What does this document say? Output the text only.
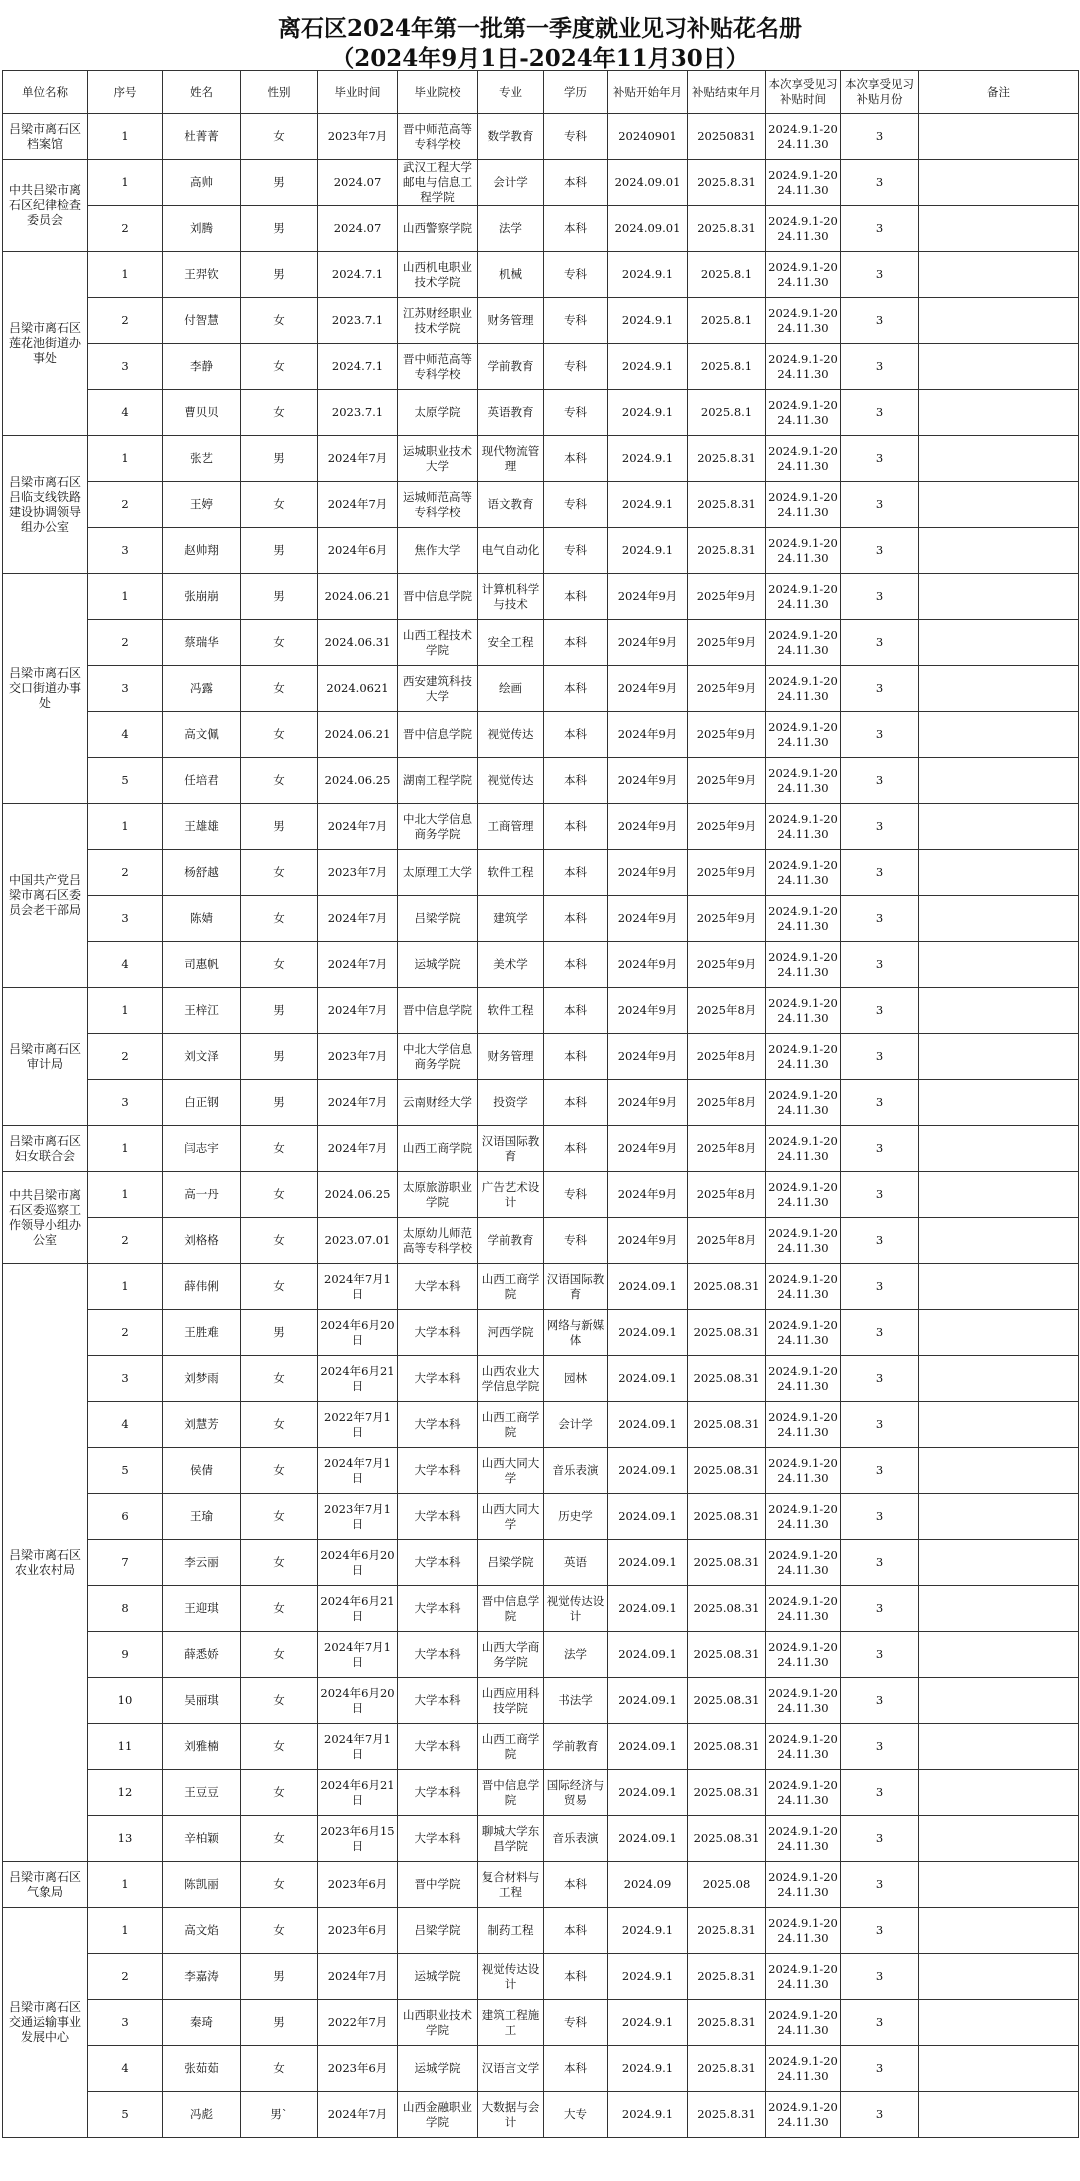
离石区2024年第一批第一季度就业见习补贴花名册
（2024年9月1日-2024年11月30日）
单位名称	序号	姓名	性别	毕业时间	毕业院校	专业	学历	补贴开始年月	补贴结束年月	本次享受见习补贴时间	本次享受见习补贴月份	备注
吕梁市离石区档案馆	1	杜菁菁	女	2023年7月	晋中师范高等专科学校	数学教育	专科	20240901	20250831	2024.9.1-2024.11.30	3	
中共吕梁市离石区纪律检查委员会	1	高帅	男	2024.07	武汉工程大学邮电与信息工程学院	会计学	本科	2024.09.01	2025.8.31	2024.9.1-2024.11.30	3	
	2	刘腾	男	2024.07	山西警察学院	法学	本科	2024.09.01	2025.8.31	2024.9.1-2024.11.30	3	
吕梁市离石区莲花池街道办事处	1	王羿钦	男	2024.7.1	山西机电职业技术学院	机械	专科	2024.9.1	2025.8.1	2024.9.1-2024.11.30	3	
	2	付智慧	女	2023.7.1	江苏财经职业技术学院	财务管理	专科	2024.9.1	2025.8.1	2024.9.1-2024.11.30	3	
	3	李静	女	2024.7.1	晋中师范高等专科学校	学前教育	专科	2024.9.1	2025.8.1	2024.9.1-2024.11.30	3	
	4	曹贝贝	女	2023.7.1	太原学院	英语教育	专科	2024.9.1	2025.8.1	2024.9.1-2024.11.30	3	
吕梁市离石区吕临支线铁路建设协调领导组办公室	1	张艺	男	2024年7月	运城职业技术大学	现代物流管理	本科	2024.9.1	2025.8.31	2024.9.1-2024.11.30	3	
	2	王婷	女	2024年7月	运城师范高等专科学校	语文教育	专科	2024.9.1	2025.8.31	2024.9.1-2024.11.30	3	
	3	赵帅翔	男	2024年6月	焦作大学	电气自动化	专科	2024.9.1	2025.8.31	2024.9.1-2024.11.30	3	
吕梁市离石区交口街道办事处	1	张崩崩	男	2024.06.21	晋中信息学院	计算机科学与技术	本科	2024年9月	2025年9月	2024.9.1-2024.11.30	3	
	2	蔡瑞华	女	2024.06.31	山西工程技术学院	安全工程	本科	2024年9月	2025年9月	2024.9.1-2024.11.30	3	
	3	冯露	女	2024.0621	西安建筑科技大学	绘画	本科	2024年9月	2025年9月	2024.9.1-2024.11.30	3	
	4	高文佩	女	2024.06.21	晋中信息学院	视觉传达	本科	2024年9月	2025年9月	2024.9.1-2024.11.30	3	
	5	任培君	女	2024.06.25	湖南工程学院	视觉传达	本科	2024年9月	2025年9月	2024.9.1-2024.11.30	3	
中国共产党吕梁市离石区委员会老干部局	1	王雄雄	男	2024年7月	中北大学信息商务学院	工商管理	本科	2024年9月	2025年9月	2024.9.1-2024.11.30	3	
	2	杨舒越	女	2023年7月	太原理工大学	软件工程	本科	2024年9月	2025年9月	2024.9.1-2024.11.30	3	
	3	陈婧	女	2024年7月	吕梁学院	建筑学	本科	2024年9月	2025年9月	2024.9.1-2024.11.30	3	
	4	司惠帆	女	2024年7月	运城学院	美术学	本科	2024年9月	2025年9月	2024.9.1-2024.11.30	3	
吕梁市离石区审计局	1	王梓江	男	2024年7月	晋中信息学院	软件工程	本科	2024年9月	2025年8月	2024.9.1-2024.11.30	3	
	2	刘文泽	男	2023年7月	中北大学信息商务学院	财务管理	本科	2024年9月	2025年8月	2024.9.1-2024.11.30	3	
	3	白正钢	男	2024年7月	云南财经大学	投资学	本科	2024年9月	2025年8月	2024.9.1-2024.11.30	3	
吕梁市离石区妇女联合会	1	闫志宇	女	2024年7月	山西工商学院	汉语国际教育	本科	2024年9月	2025年8月	2024.9.1-2024.11.30	3	
中共吕梁市离石区委巡察工作领导小组办公室	1	高一丹	女	2024.06.25	太原旅游职业学院	广告艺术设计	专科	2024年9月	2025年8月	2024.9.1-2024.11.30	3	
	2	刘格格	女	2023.07.01	太原幼儿师范高等专科学校	学前教育	专科	2024年9月	2025年8月	2024.9.1-2024.11.30	3	
吕梁市离石区农业农村局	1	薛伟俐	女	2024年7月1日	大学本科	山西工商学院	汉语国际教育	2024.09.1	2025.08.31	2024.9.1-2024.11.30	3	
	2	王胜难	男	2024年6月20日	大学本科	河西学院	网络与新媒体	2024.09.1	2025.08.31	2024.9.1-2024.11.30	3	
	3	刘梦雨	女	2024年6月21日	大学本科	山西农业大学信息学院	园林	2024.09.1	2025.08.31	2024.9.1-2024.11.30	3	
	4	刘慧芳	女	2022年7月1日	大学本科	山西工商学院	会计学	2024.09.1	2025.08.31	2024.9.1-2024.11.30	3	
	5	侯倩	女	2024年7月1日	大学本科	山西大同大学	音乐表演	2024.09.1	2025.08.31	2024.9.1-2024.11.30	3	
	6	王瑜	女	2023年7月1日	大学本科	山西大同大学	历史学	2024.09.1	2025.08.31	2024.9.1-2024.11.30	3	
	7	李云丽	女	2024年6月20日	大学本科	吕梁学院	英语	2024.09.1	2025.08.31	2024.9.1-2024.11.30	3	
	8	王迎琪	女	2024年6月21日	大学本科	晋中信息学院	视觉传达设计	2024.09.1	2025.08.31	2024.9.1-2024.11.30	3	
	9	薛悉娇	女	2024年7月1日	大学本科	山西大学商务学院	法学	2024.09.1	2025.08.31	2024.9.1-2024.11.30	3	
	10	吴丽琪	女	2024年6月20日	大学本科	山西应用科技学院	书法学	2024.09.1	2025.08.31	2024.9.1-2024.11.30	3	
	11	刘雅楠	女	2024年7月1日	大学本科	山西工商学院	学前教育	2024.09.1	2025.08.31	2024.9.1-2024.11.30	3	
	12	王豆豆	女	2024年6月21日	大学本科	晋中信息学院	国际经济与贸易	2024.09.1	2025.08.31	2024.9.1-2024.11.30	3	
	13	辛柏颖	女	2023年6月15日	大学本科	聊城大学东昌学院	音乐表演	2024.09.1	2025.08.31	2024.9.1-2024.11.30	3	
吕梁市离石区气象局	1	陈凯丽	女	2023年6月	晋中学院	复合材料与工程	本科	2024.09	2025.08	2024.9.1-2024.11.30	3	
吕梁市离石区交通运输事业发展中心	1	高文焰	女	2023年6月	吕梁学院	制药工程	本科	2024.9.1	2025.8.31	2024.9.1-2024.11.30	3	
	2	李嘉涛	男	2024年7月	运城学院	视觉传达设计	本科	2024.9.1	2025.8.31	2024.9.1-2024.11.30	3	
	3	秦琦	男	2022年7月	山西职业技术学院	建筑工程施工	专科	2024.9.1	2025.8.31	2024.9.1-2024.11.30	3	
	4	张茹茹	女	2023年6月	运城学院	汉语言文学	本科	2024.9.1	2025.8.31	2024.9.1-2024.11.30	3	
	5	冯彪	男`	2024年7月	山西金融职业学院	大数据与会计	大专	2024.9.1	2025.8.31	2024.9.1-2024.11.30	3	
